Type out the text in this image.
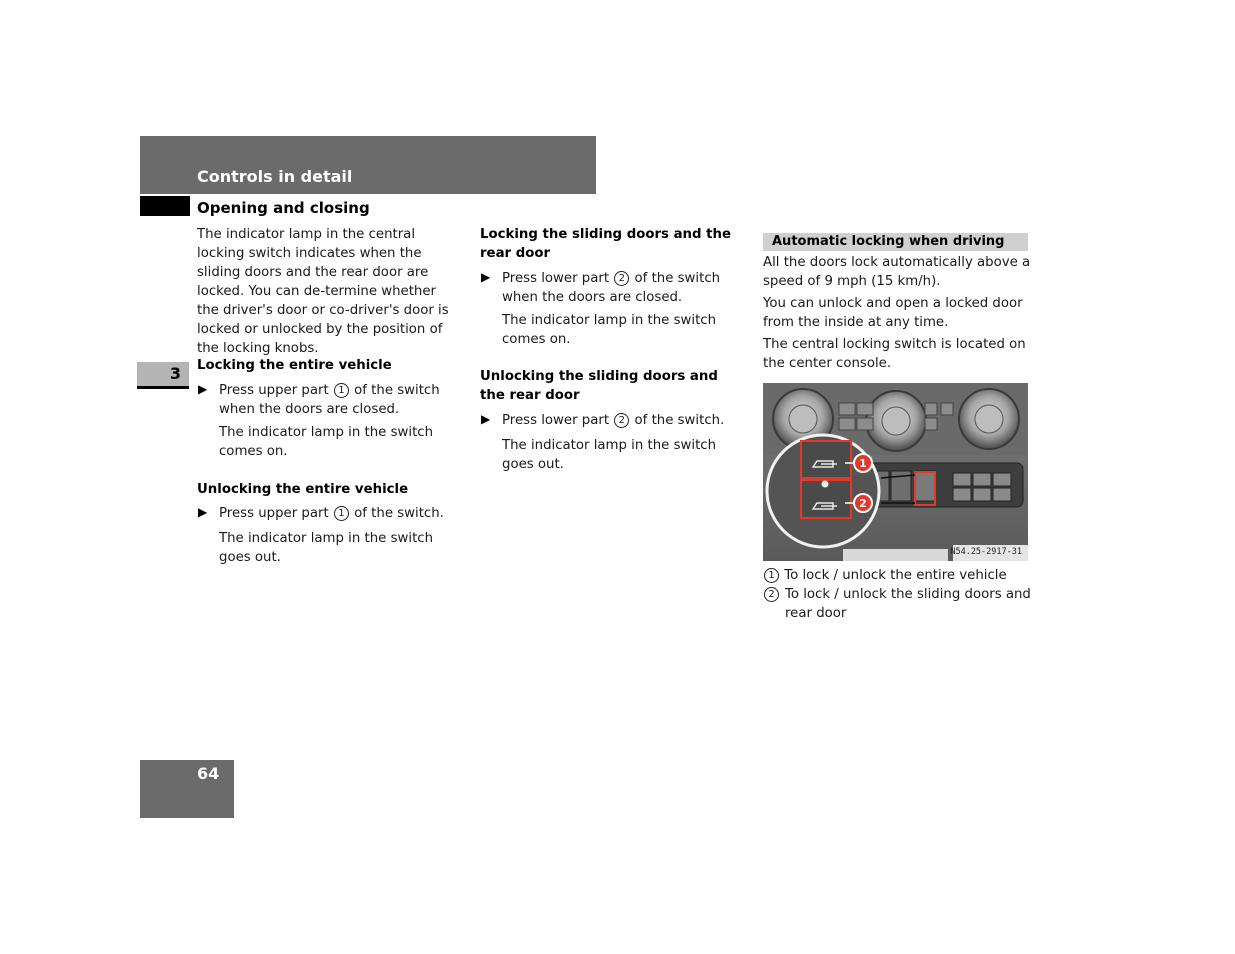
Controls in detail
Opening and closing
3

The indicator lamp in the central locking switch indicates when the sliding doors and the rear door are locked. You can de-termine whether the driver's door or co-driver's door is locked or unlocked by the position of the locking knobs.

Locking the entire vehicle

▶ Press upper part 1 of the switch when the doors are closed.

The indicator lamp in the switch comes on.

Unlocking the entire vehicle

▶ Press upper part 1 of the switch.

The indicator lamp in the switch goes out.

Locking the sliding doors and the rear door

▶ Press lower part 2 of the switch when the doors are closed.

The indicator lamp in the switch comes on.

Unlocking the sliding doors and the rear door

▶ Press lower part 2 of the switch.

The indicator lamp in the switch goes out.

Automatic locking when driving

All the doors lock automatically above a speed of 9 mph (15 km/h).

You can unlock and open a locked door from the inside at any time.

The central locking switch is located on the center console.

1
2
N54.25-2917-31

1 To lock / unlock the entire vehicle

2 To lock / unlock the sliding doors and rear door

64
